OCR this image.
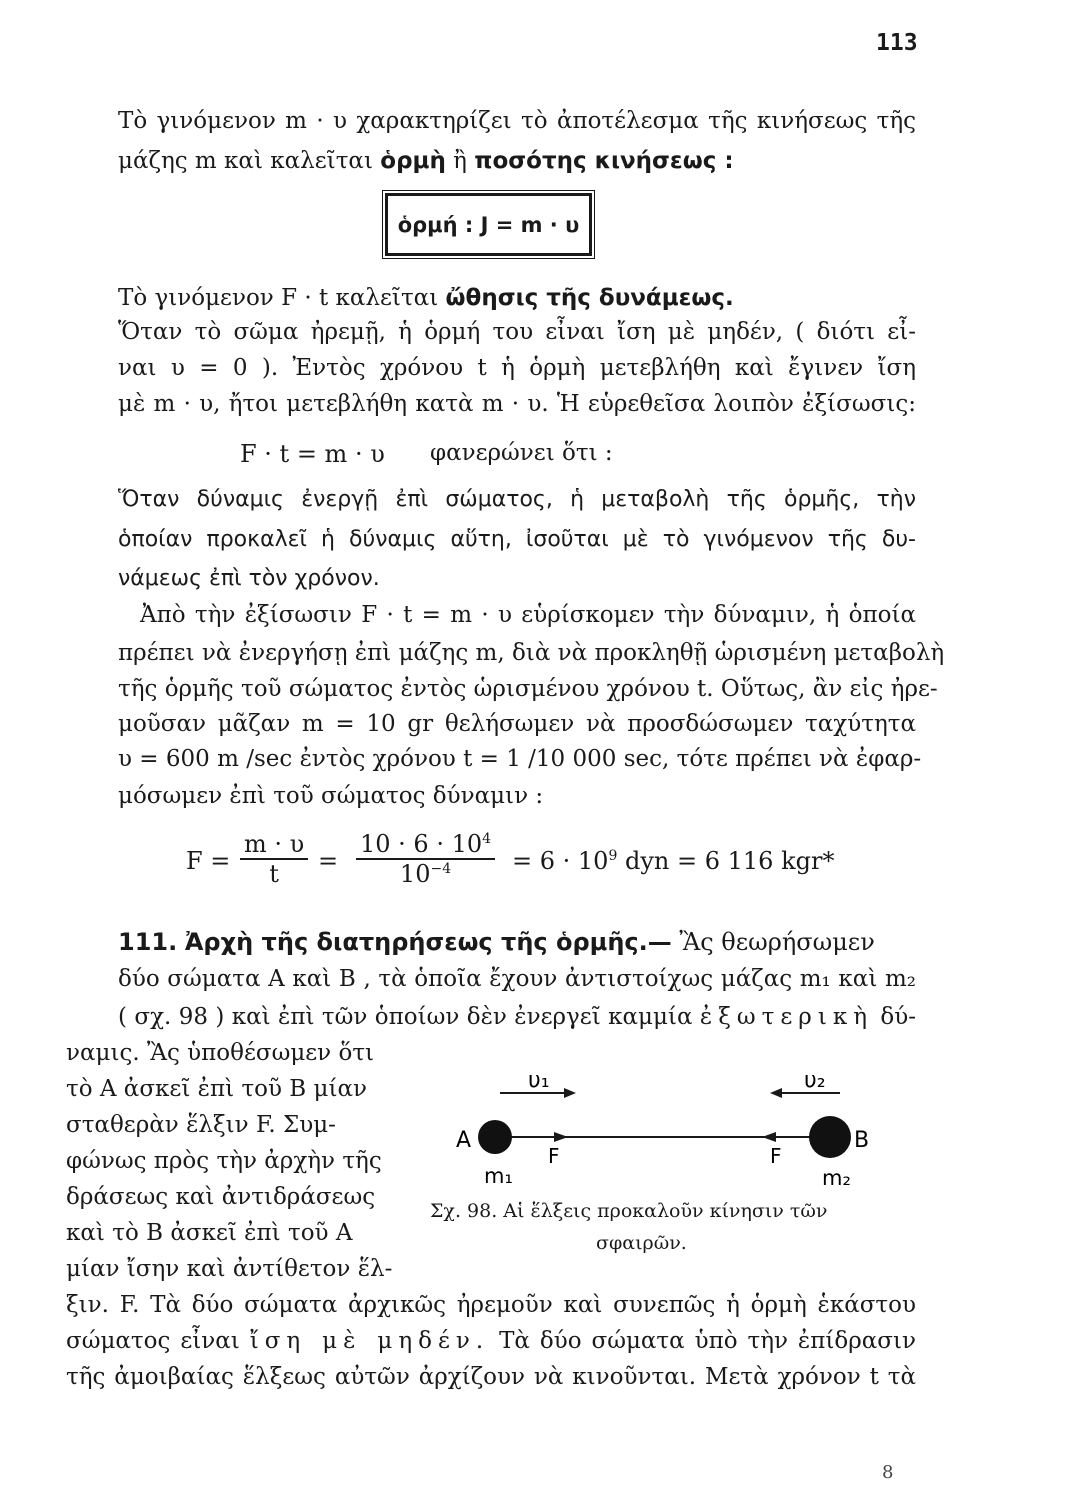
113
Τὸ γινόμενον m · υ χαρακτηρίζει τὸ ἀποτέλεσμα τῆς κινήσεως τῆς
μάζης m καὶ καλεῖται ὁρμὴ ἢ ποσότης κινήσεως :
ὁρμή : J = m · υ
Τὸ γινόμενον F · t καλεῖται ὤθησις τῆς δυνάμεως.
Ὅταν τὸ σῶμα ἠρεμῇ, ἡ ὁρμή του εἶναι ἴση μὲ μηδέν, ( διότι εἶ-
ναι υ = 0 ). Ἐντὸς χρόνου t ἡ ὁρμὴ μετεβλήθη καὶ ἔγινεν ἴση
μὲ m · υ, ἤτοι μετεβλήθη κατὰ m · υ. Ἡ εὑρεθεῖσα λοιπὸν ἐξίσωσις:
F · t = m · υ φανερώνει ὅτι :
Ὅταν δύναμις ἐνεργῇ ἐπὶ σώματος, ἡ μεταβολὴ τῆς ὁρμῆς, τὴν
ὁποίαν προκαλεῖ ἡ δύναμις αὕτη, ἰσοῦται μὲ τὸ γινόμενον τῆς δυ-
νάμεως ἐπὶ τὸν χρόνον.
Ἀπὸ τὴν ἐξίσωσιν F · t = m · υ εὑρίσκομεν τὴν δύναμιν, ἡ ὁποία
πρέπει νὰ ἐνεργήσῃ ἐπὶ μάζης m, διὰ νὰ προκληθῇ ὡρισμένη μεταβολὴ
τῆς ὁρμῆς τοῦ σώματος ἐντὸς ὡρισμένου χρόνου t. Οὕτως, ἂν εἰς ἠρε-
μοῦσαν μᾶζαν m = 10 gr θελήσωμεν νὰ προσδώσωμεν ταχύτητα
υ = 600 m /sec ἐντὸς χρόνου t = 1 /10 000 sec, τότε πρέπει νὰ ἐφαρ-
μόσωμεν ἐπὶ τοῦ σώματος δύναμιν :
$F = \frac{m \cdot \upsilon}{t} = \frac{10 \cdot 6 \cdot 10^4}{10^{-4}} = 6 \cdot 10^9$ dyn = 6 116 kgr*
111. Ἀρχὴ τῆς διατηρήσεως τῆς ὁρμῆς.— Ἂς θεωρήσωμεν
δύο σώματα Α καὶ Β , τὰ ὁποῖα ἔχουν ἀντιστοίχως μάζας m₁ καὶ m₂
( σχ. 98 ) καὶ ἐπὶ τῶν ὁποίων δὲν ἐνεργεῖ καμμία ἐξωτερικὴ δύ-
ναμις. Ἂς ὑποθέσωμεν ὅτι
τὸ Α ἀσκεῖ ἐπὶ τοῦ Β μίαν
σταθερὰν ἕλξιν F. Συμ-
φώνως πρὸς τὴν ἀρχὴν τῆς
δράσεως καὶ ἀντιδράσεως
καὶ τὸ Β ἀσκεῖ ἐπὶ τοῦ Α
μίαν ἴσην καὶ ἀντίθετον ἕλ-
υ₁	υ₂
A	B
F	F
m₁	m₂
Σχ. 98. Αἱ ἕλξεις προκαλοῦν κίνησιν τῶν
σφαιρῶν.
ξιν. F. Τὰ δύο σώματα ἀρχικῶς ἠρεμοῦν καὶ συνεπῶς ἡ ὁρμὴ ἑκάστου
σώματος εἶναι ἴση μὲ μηδέν. Τὰ δύο σώματα ὑπὸ τὴν ἐπίδρασιν
τῆς ἀμοιβαίας ἕλξεως αὐτῶν ἀρχίζουν νὰ κινοῦνται. Μετὰ χρόνον t τὰ
8
